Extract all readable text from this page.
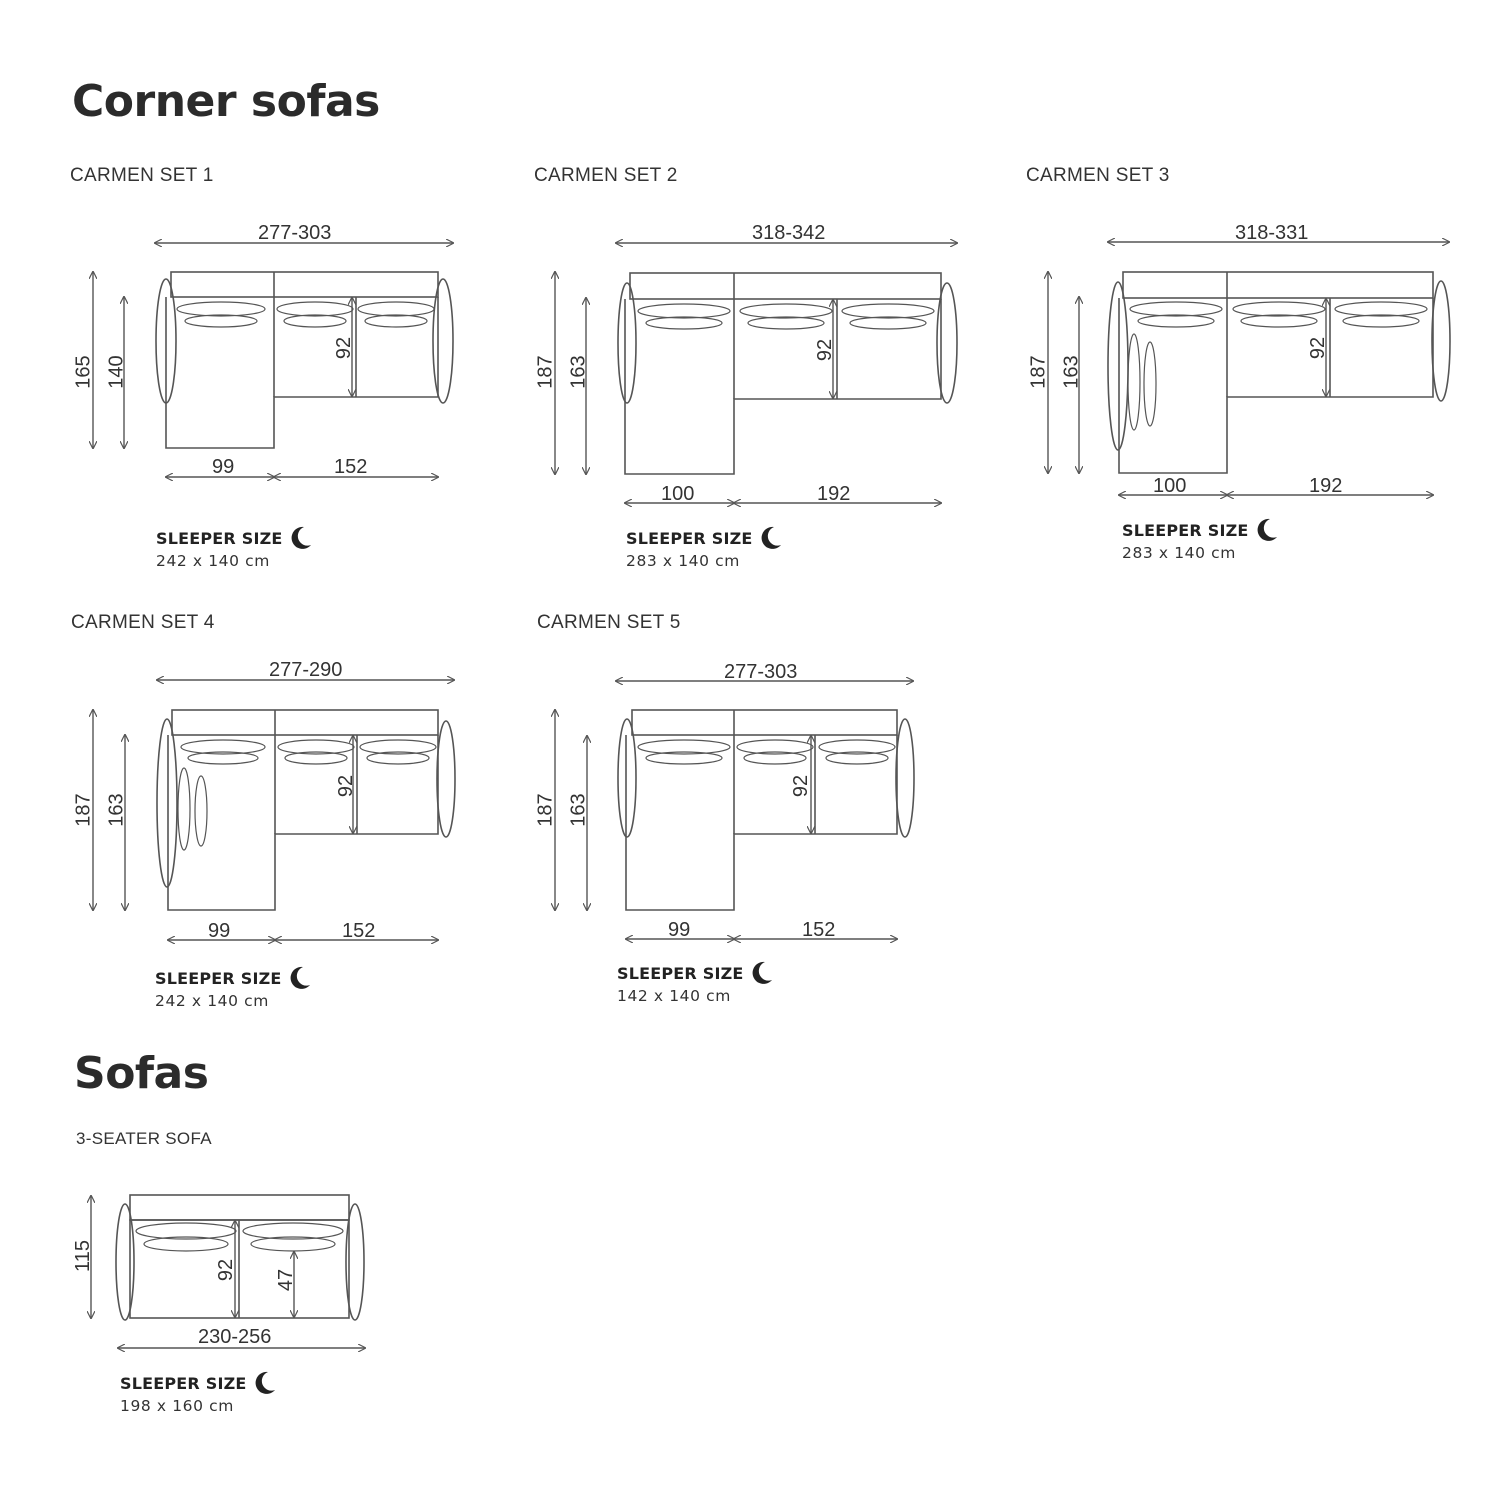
Corner sofas
Sofas
CARMEN SET 1	CARMEN SET 2	CARMEN SET 3
CARMEN SET 4	CARMEN SET 5
3-SEATER SOFA
277-303
165 140
92
99	152
318-342
187 163
92
100	192
318-331
187 163
92
100	192
277-290
187 163
92
99	152
277-303
187 163
92
99	152
115	92 47
230-256
SLEEPER SIZE
242 x 140 cm
SLEEPER SIZE
283 x 140 cm
SLEEPER SIZE
283 x 140 cm
SLEEPER SIZE
242 x 140 cm
SLEEPER SIZE
142 x 140 cm
SLEEPER SIZE
198 x 160 cm
